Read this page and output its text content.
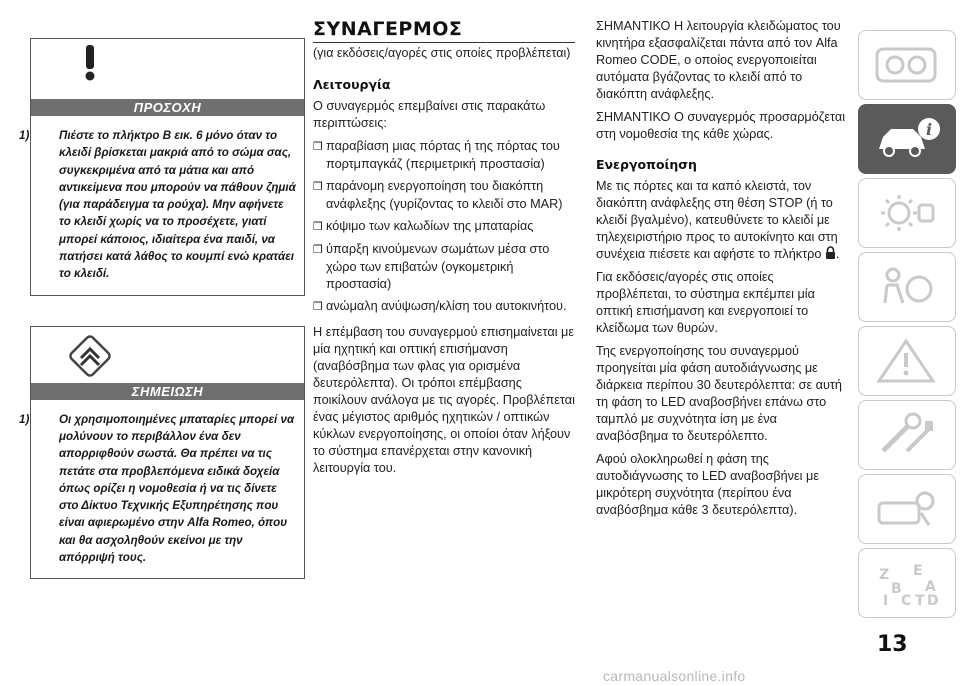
ΠΡΟΣΟΧΗ
1)	Πιέστε το πλήκτρο B εικ. 6 μόνο όταν το κλειδί βρίσκεται μακριά από το σώμα σας, συγκεκριμένα από τα μάτια και από αντικείμενα που μπορούν να πάθουν ζημιά (για παράδειγμα τα ρούχα). Μην αφήνετε το κλειδί χωρίς να το προσέχετε, γιατί μπορεί κάποιος, ιδιαίτερα ένα παιδί, να πατήσει κατά λάθος το κουμπί ενώ κρατάει το κλειδί.
ΣΗΜΕΙΩΣΗ
1)	Οι χρησιμοποιημένες μπαταρίες μπορεί να μολύνουν το περιβάλλον ένα δεν απορριφθούν σωστά. Θα πρέπει να τις πετάτε στα προβλεπόμενα ειδικά δοχεία όπως ορίζει η νομοθεσία ή να τις δίνετε στο Δίκτυο Τεχνικής Εξυπηρέτησης που είναι αφιερωμένο στην Alfa Romeo, όπου και θα ασχοληθούν εκείνοι με την απόρριψή τους.
ΣΥΝΑΓΕΡΜΟΣ
(για εκδόσεις/αγορές στις οποίες προβλέπεται)
Λειτουργία

Ο συναγερμός επεμβαίνει στις παρακάτω περιπτώσεις:

❒ παραβίαση μιας πόρτας ή της πόρτας του πορτμπαγκάζ (περιμετρική προστασία)
❒ παράνομη ενεργοποίηση του διακόπτη ανάφλεξης (γυρίζοντας το κλειδί στο MAR)
❒ κόψιμο των καλωδίων της μπαταρίας
❒ ύπαρξη κινούμενων σωμάτων μέσα στο χώρο των επιβατών (ογκομετρική προστασία)
❒ ανώμαλη ανύψωση/κλίση του αυτοκινήτου.

Η επέμβαση του συναγερμού επισημαίνεται με μία ηχητική και οπτική επισήμανση (αναβόσβημα των φλας για ορισμένα δευτερόλεπτα). Οι τρόποι επέμβασης ποικίλουν ανάλογα με τις αγορές. Προβλέπεται ένας μέγιστος αριθμός ηχητικών / οπτικών κύκλων ενεργοποίησης, οι οποίοι όταν λήξουν το σύστημα επανέρχεται στην κανονική λειτουργία του.

ΣΗΜΑΝΤΙΚΟ Η λειτουργία κλειδώματος του κινητήρα εξασφαλίζεται πάντα από τον Alfa Romeo CODE, ο οποίος ενεργοποιείται αυτόματα βγάζοντας το κλειδί από το διακόπτη ανάφλεξης.

ΣΗΜΑΝΤΙΚΟ Ο συναγερμός προσαρμόζεται στη νομοθεσία της κάθε χώρας.

Ενεργοποίηση

Με τις πόρτες και τα καπό κλειστά, τον διακόπτη ανάφλεξης στη θέση STOP (ή το κλειδί βγαλμένο), κατευθύνετε το κλειδί με τηλεχειριστήριο προς το αυτοκίνητο και στη συνέχεια πιέσετε και αφήστε το πλήκτρο .

Για εκδόσεις/αγορές στις οποίες προβλέπεται, το σύστημα εκπέμπει μία οπτική επισήμανση και ενεργοποιεί το κλείδωμα των θυρών.

Της ενεργοποίησης του συναγερμού προηγείται μία φάση αυτοδιάγνωσης με διάρκεια περίπου 30 δευτερόλεπτα: σε αυτή τη φάση το LED αναβοσβήνει επάνω στο ταμπλό με συχνότητα ίση με ένα αναβόσβημα το δευτερόλεπτο.

Αφού ολοκληρωθεί η φάση της αυτοδιάγνωσης το LED αναβοσβήνει με μικρότερη συχνότητα (περίπου ένα αναβόσβημα κάθε 3 δευτερόλεπτα).

i
Z E
B A
I C T D
13
carmanualsonline.info
